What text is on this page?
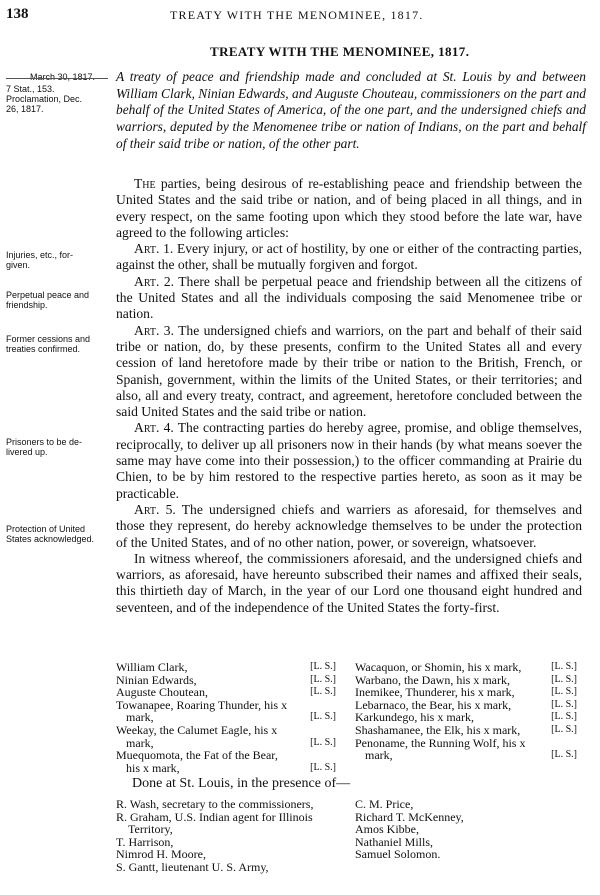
138	TREATY WITH THE MENOMINEE, 1817.
TREATY WITH THE MENOMINEE, 1817.
March 30, 1817.
7 Stat., 153.
Proclamation, Dec.
26, 1817.
Injuries, etc., for-
given.
Perpetual peace and
friendship.
Former cessions and
treaties confirmed.
Prisoners to be de-
livered up.
Protection of United
States acknowledged.
A treaty of peace and friendship made and concluded at St. Louis by and between William Clark, Ninian Edwards, and Auguste Chouteau, commissioners on the part and behalf of the United States of America, of the one part, and the undersigned chiefs and warriors, deputed by the Menomenee tribe or nation of Indians, on the part and behalf of their said tribe or nation, of the other part.

The parties, being desirous of re-establishing peace and friendship between the United States and the said tribe or nation, and of being placed in all things, and in every respect, on the same footing upon which they stood before the late war, have agreed to the following articles:

Art. 1. Every injury, or act of hostility, by one or either of the contracting parties, against the other, shall be mutually forgiven and forgot.

Art. 2. There shall be perpetual peace and friendship between all the citizens of the United States and all the individuals composing the said Menomenee tribe or nation.

Art. 3. The undersigned chiefs and warriors, on the part and behalf of their said tribe or nation, do, by these presents, confirm to the United States all and every cession of land heretofore made by their tribe or nation to the British, French, or Spanish, government, within the limits of the United States, or their territories; and also, all and every treaty, contract, and agreement, heretofore concluded between the said United States and the said tribe or nation.

Art. 4. The contracting parties do hereby agree, promise, and oblige themselves, reciprocally, to deliver up all prisoners now in their hands (by what means soever the same may have come into their possession,) to the officer commanding at Prairie du Chien, to be by him restored to the respective parties hereto, as soon as it may be practicable.

Art. 5. The undersigned chiefs and warriers as aforesaid, for themselves and those they represent, do hereby acknowledge themselves to be under the protection of the United States, and of no other nation, power, or sovereign, whatsoever.

In witness whereof, the commissioners aforesaid, and the undersigned chiefs and warriors, as aforesaid, have hereunto subscribed their names and affixed their seals, this thirtieth day of March, in the year of our Lord one thousand eight hundred and seventeen, and of the independence of the United States the forty-first.

William Clark,	[L. S.]
Ninian Edwards,	[L. S.]
Auguste Choutean,	[L. S.]
Towanapee, Roaring Thunder, his x
mark,	[L. S.]
Weekay, the Calumet Eagle, his x
mark,	[L. S.]
Muequomota, the Fat of the Bear,
his x mark,	[L. S.]
Wacaquon, or Shomin, his x mark,	[L. S.]
Warbano, the Dawn, his x mark,	[L. S.]
Inemikee, Thunderer, his x mark,	[L. S.]
Lebarnaco, the Bear, his x mark,	[L. S.]
Karkundego, his x mark,	[L. S.]
Shashamanee, the Elk, his x mark,	[L. S.]
Penoname, the Running Wolf, his x
mark,	[L. S.]
Done at St. Louis, in the presence of—
R. Wash, secretary to the commissioners,
R. Graham, U.S. Indian agent for Illinois
Territory,
T. Harrison,
Nimrod H. Moore,
S. Gantt, lieutenant U. S. Army,
C. M. Price,
Richard T. McKenney,
Amos Kibbe,
Nathaniel Mills,
Samuel Solomon.
